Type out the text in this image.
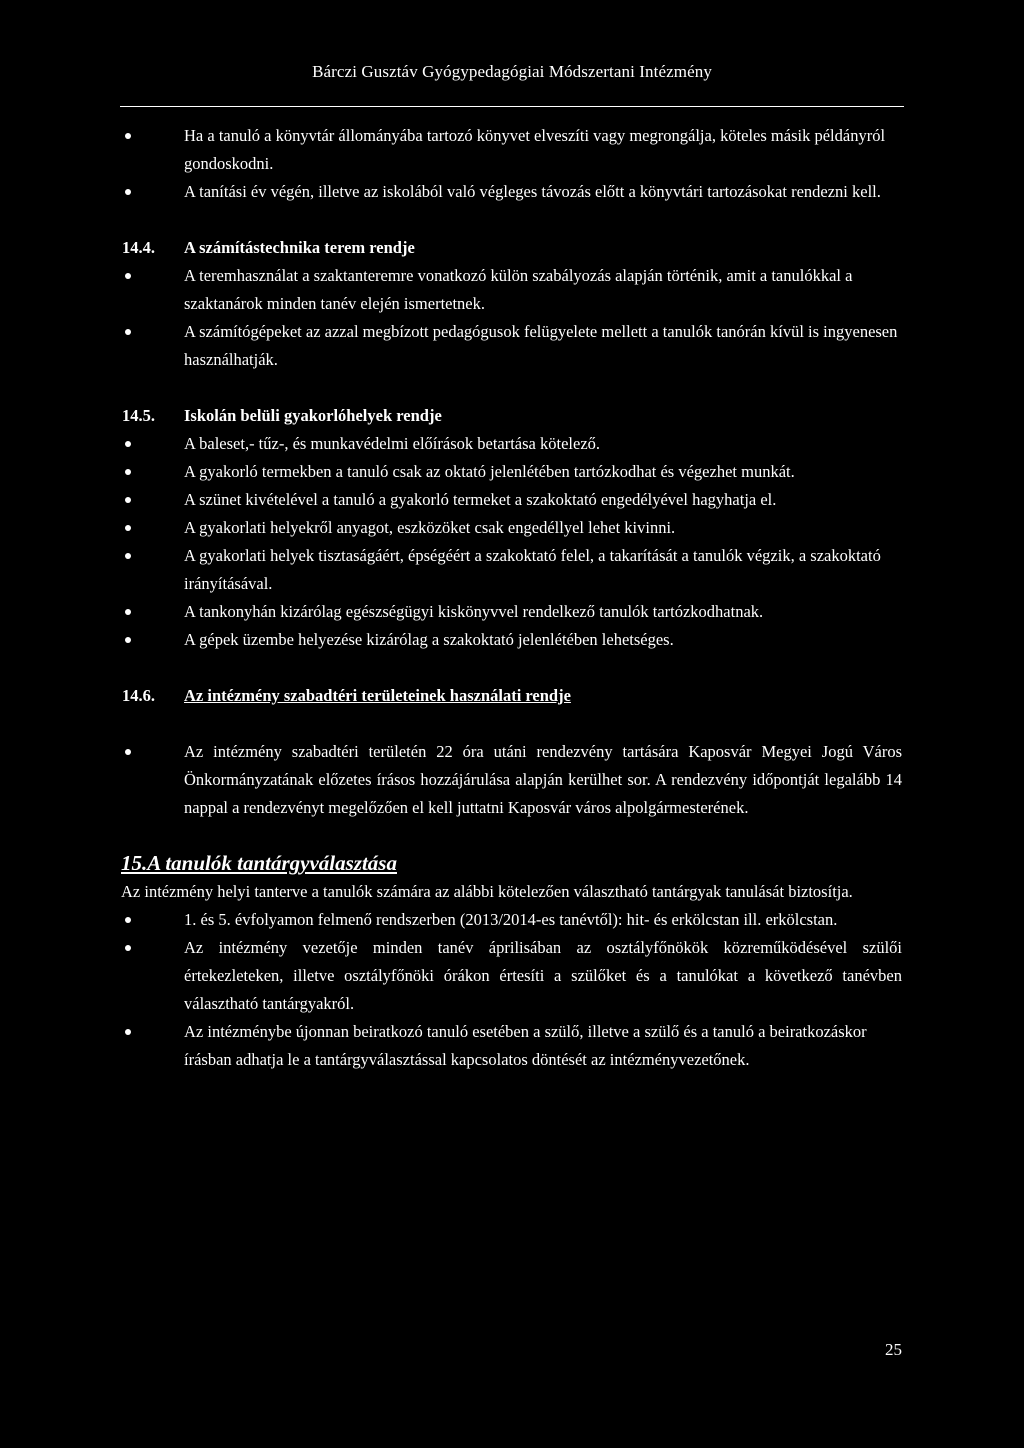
Bárczi Gusztáv Gyógypedagógiai Módszertani Intézmény
Ha a tanuló a könyvtár állományába tartozó könyvet elveszíti vagy megrongálja, köteles másik példányról gondoskodni.
A tanítási év végén, illetve az iskolából való végleges távozás előtt a könyvtári tartozásokat rendezni kell.
14.4.	A számítástechnika terem rendje
A teremhasználat a szaktanteremre vonatkozó külön szabályozás alapján történik, amit a tanulókkal a szaktanárok minden tanév elején ismertetnek.
A számítógépeket az azzal megbízott pedagógusok felügyelete mellett a tanulók tanórán kívül is ingyenesen használhatják.
14.5.	Iskolán belüli gyakorlóhelyek rendje
A baleset,- tűz-, és munkavédelmi előírások betartása kötelező.
A gyakorló termekben a tanuló csak az oktató jelenlétében tartózkodhat és végezhet munkát.
A szünet kivételével a tanuló a gyakorló termeket a szakoktató engedélyével hagyhatja el.
A gyakorlati helyekről anyagot, eszközöket csak engedéllyel lehet kivinni.
A gyakorlati helyek tisztaságáért, épségéért a szakoktató felel, a takarítását a tanulók végzik, a szakoktató irányításával.
A tankonyhán kizárólag egészségügyi kiskönyvvel rendelkező tanulók tartózkodhatnak.
A gépek üzembe helyezése kizárólag a szakoktató jelenlétében lehetséges.
14.6.	Az intézmény szabadtéri területeinek használati rendje
Az intézmény szabadtéri területén 22 óra utáni rendezvény tartására Kaposvár Megyei Jogú Város Önkormányzatának előzetes írásos hozzájárulása alapján kerülhet sor. A rendezvény időpontját legalább 14 nappal a rendezvényt megelőzően el kell juttatni Kaposvár város alpolgármesterének.
15.A tanulók tantárgyválasztása
Az intézmény helyi tanterve a tanulók számára az alábbi kötelezően választható tantárgyak tanulását biztosítja.
1. és 5. évfolyamon felmenő rendszerben (2013/2014-es tanévtől): hit- és erkölcstan ill. erkölcstan.
Az intézmény vezetője minden tanév áprilisában az osztályfőnökök közreműködésével szülői értekezleteken, illetve osztályfőnöki órákon értesíti a szülőket és a tanulókat a következő tanévben választható tantárgyakról.
Az intézménybe újonnan beiratkozó tanuló esetében a szülő, illetve a szülő és a tanuló a beiratkozáskor írásban adhatja le a tantárgyválasztással kapcsolatos döntését az intézményvezetőnek.
25
